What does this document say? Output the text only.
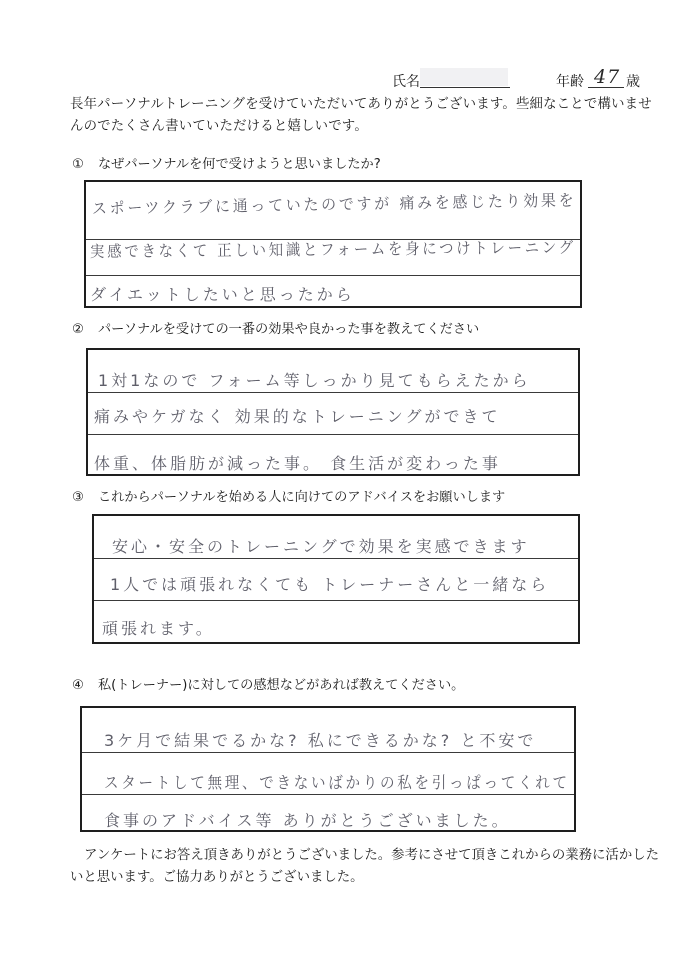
氏名	年齢 47 歳
長年パーソナルトレーニングを受けていただいてありがとうございます。些細なことで構いませんのでたくさん書いていただけると嬉しいです。
① なぜパーソナルを何で受けようと思いましたか?
スポーツクラブに通っていたのですが 痛みを感じたり効果を
実感できなくて 正しい知識とフォームを身につけトレーニング
ダイエットしたいと思ったから
② パーソナルを受けての一番の効果や良かった事を教えてください
1対1なので フォーム等しっかり見てもらえたから
痛みやケガなく 効果的なトレーニングができて
体重、体脂肪が減った事。 食生活が変わった事
③ これからパーソナルを始める人に向けてのアドバイスをお願いします
安心・安全のトレーニングで効果を実感できます
1人では頑張れなくても トレーナーさんと一緒なら
頑張れます。
④ 私(トレーナー)に対しての感想などがあれば教えてください。
3ケ月で結果でるかな? 私にできるかな? と不安で
スタートして無理、できないばかりの私を引っぱってくれて
食事のアドバイス等 ありがとうございました。
アンケートにお答え頂きありがとうございました。参考にさせて頂きこれからの業務に活かしたいと思います。ご協力ありがとうございました。
